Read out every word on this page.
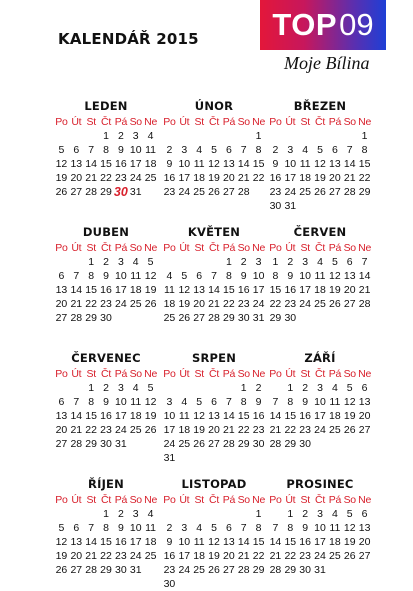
KALENDÁŘ 2015 TOP 09
Moje Bílina
LEDEN
Po Út St Čt Pá So Ne
1 2 3 4
5 6 7 8 9 10 11
12 13 14 15 16 17 18
19 20 21 22 23 24 25
26 27 28 29 30 31
ÚNOR
Po Út St Čt Pá So Ne
1
2 3 4 5 6 7 8
9 10 11 12 13 14 15
16 17 18 19 20 21 22
23 24 25 26 27 28
BŘEZEN
Po Út St Čt Pá So Ne
1
2 3 4 5 6 7 8
9 10 11 12 13 14 15
16 17 18 19 20 21 22
23 24 25 26 27 28 29
30 31
DUBEN
Po Út St Čt Pá So Ne
1 2 3 4 5
6 7 8 9 10 11 12
13 14 15 16 17 18 19
20 21 22 23 24 25 26
27 28 29 30
KVĚTEN
Po Út St Čt Pá So Ne
1 2 3
4 5 6 7 8 9 10
11 12 13 14 15 16 17
18 19 20 21 22 23 24
25 26 27 28 29 30 31
ČERVEN
Po Út St Čt Pá So Ne
1 2 3 4 5 6 7
8 9 10 11 12 13 14
15 16 17 18 19 20 21
22 23 24 25 26 27 28
29 30
ČERVENEC
Po Út St Čt Pá So Ne
1 2 3 4 5
6 7 8 9 10 11 12
13 14 15 16 17 18 19
20 21 22 23 24 25 26
27 28 29 30 31
SRPEN
Po Út St Čt Pá So Ne
1 2
3 4 5 6 7 8 9
10 11 12 13 14 15 16
17 18 19 20 21 22 23
24 25 26 27 28 29 30
31
ZÁŘÍ
Po Út St Čt Pá So Ne
1 2 3 4 5 6
7 8 9 10 11 12 13
14 15 16 17 18 19 20
21 22 23 24 25 26 27
28 29 30
ŘÍJEN
Po Út St Čt Pá So Ne
1 2 3 4
5 6 7 8 9 10 11
12 13 14 15 16 17 18
19 20 21 22 23 24 25
26 27 28 29 30 31
LISTOPAD
Po Út St Čt Pá So Ne
1
2 3 4 5 6 7 8
9 10 11 12 13 14 15
16 17 18 19 20 21 22
23 24 25 26 27 28 29
30
PROSINEC
Po Út St Čt Pá So Ne
1 2 3 4 5 6
7 8 9 10 11 12 13
14 15 16 17 18 19 20
21 22 23 24 25 26 27
28 29 30 31
